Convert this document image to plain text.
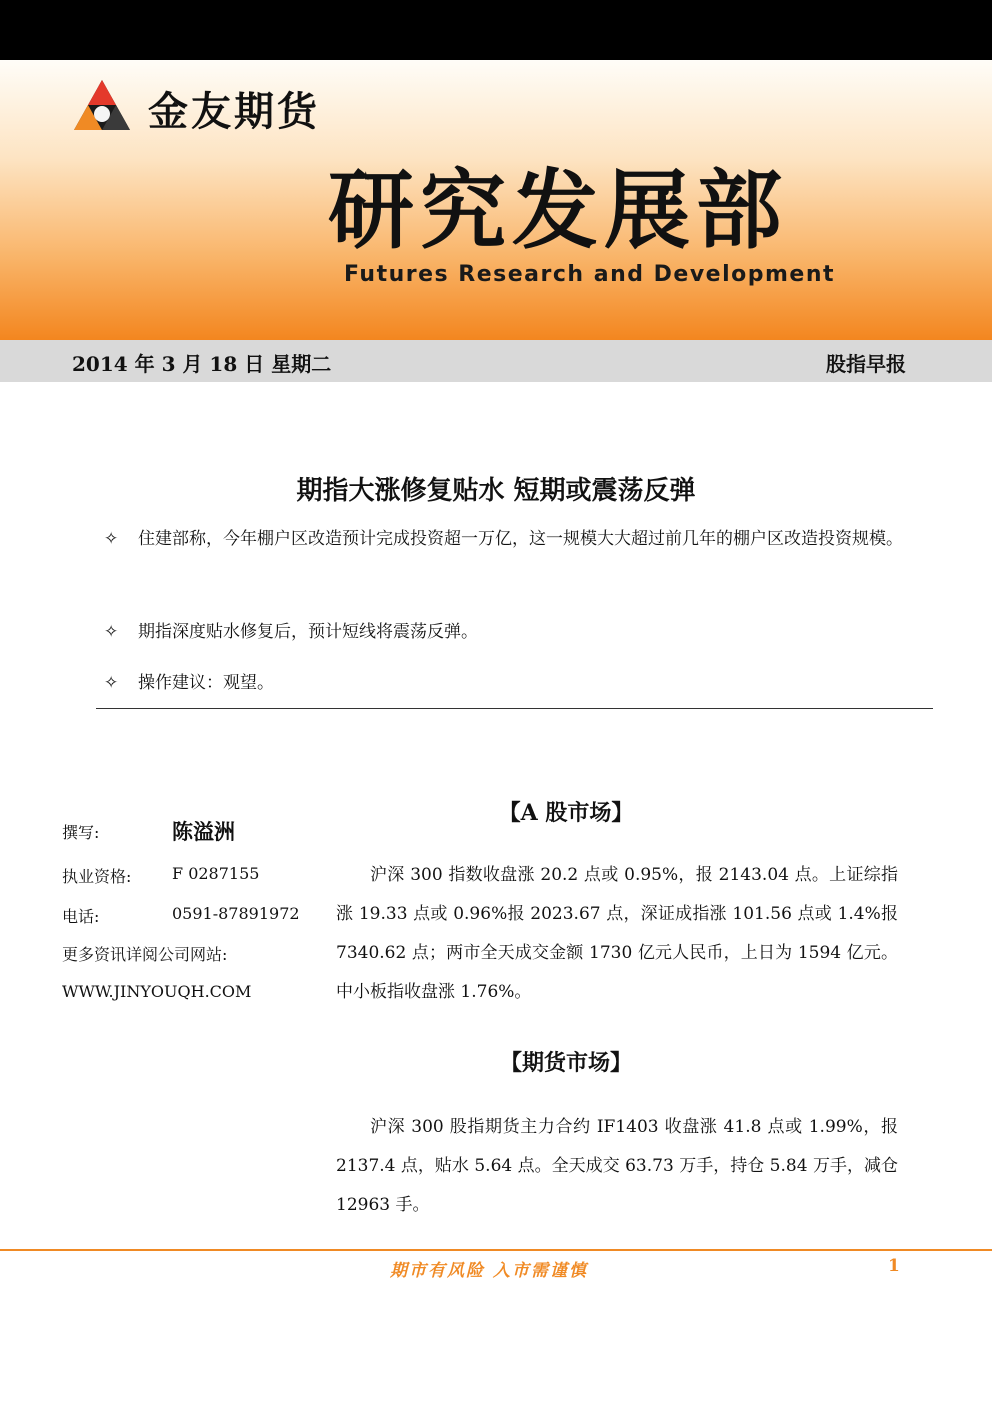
金友期货
研究发展部
Futures Research and Development
2014 年 3 月 18 日 星期二	股指早报
期指大涨修复贴水 短期或震荡反弹
✧ 住建部称，今年棚户区改造预计完成投资超一万亿，这一规模大大超过前几年的棚户区改造投资规模。
✧ 期指深度贴水修复后，预计短线将震荡反弹。
✧ 操作建议：观望。
撰写:	陈溢洲
执业资格:	F 0287155
电话:	0591-87891972
更多资讯详阅公司网站:
WWW.JINYOUQH.COM
【A 股市场】
沪深 300 指数收盘涨 20.2 点或 0.95%，报 2143.04 点。上证综指涨 19.33 点或 0.96%报 2023.67 点，深证成指涨 101.56 点或 1.4%报 7340.62 点；两市全天成交金额 1730 亿元人民币，上日为 1594 亿元。中小板指收盘涨 1.76%。
【期货市场】
沪深 300 股指期货主力合约 IF1403 收盘涨 41.8 点或 1.99%，报 2137.4 点，贴水 5.64 点。全天成交 63.73 万手，持仓 5.84 万手，减仓 12963 手。
期市有风险 入市需谨慎	1
